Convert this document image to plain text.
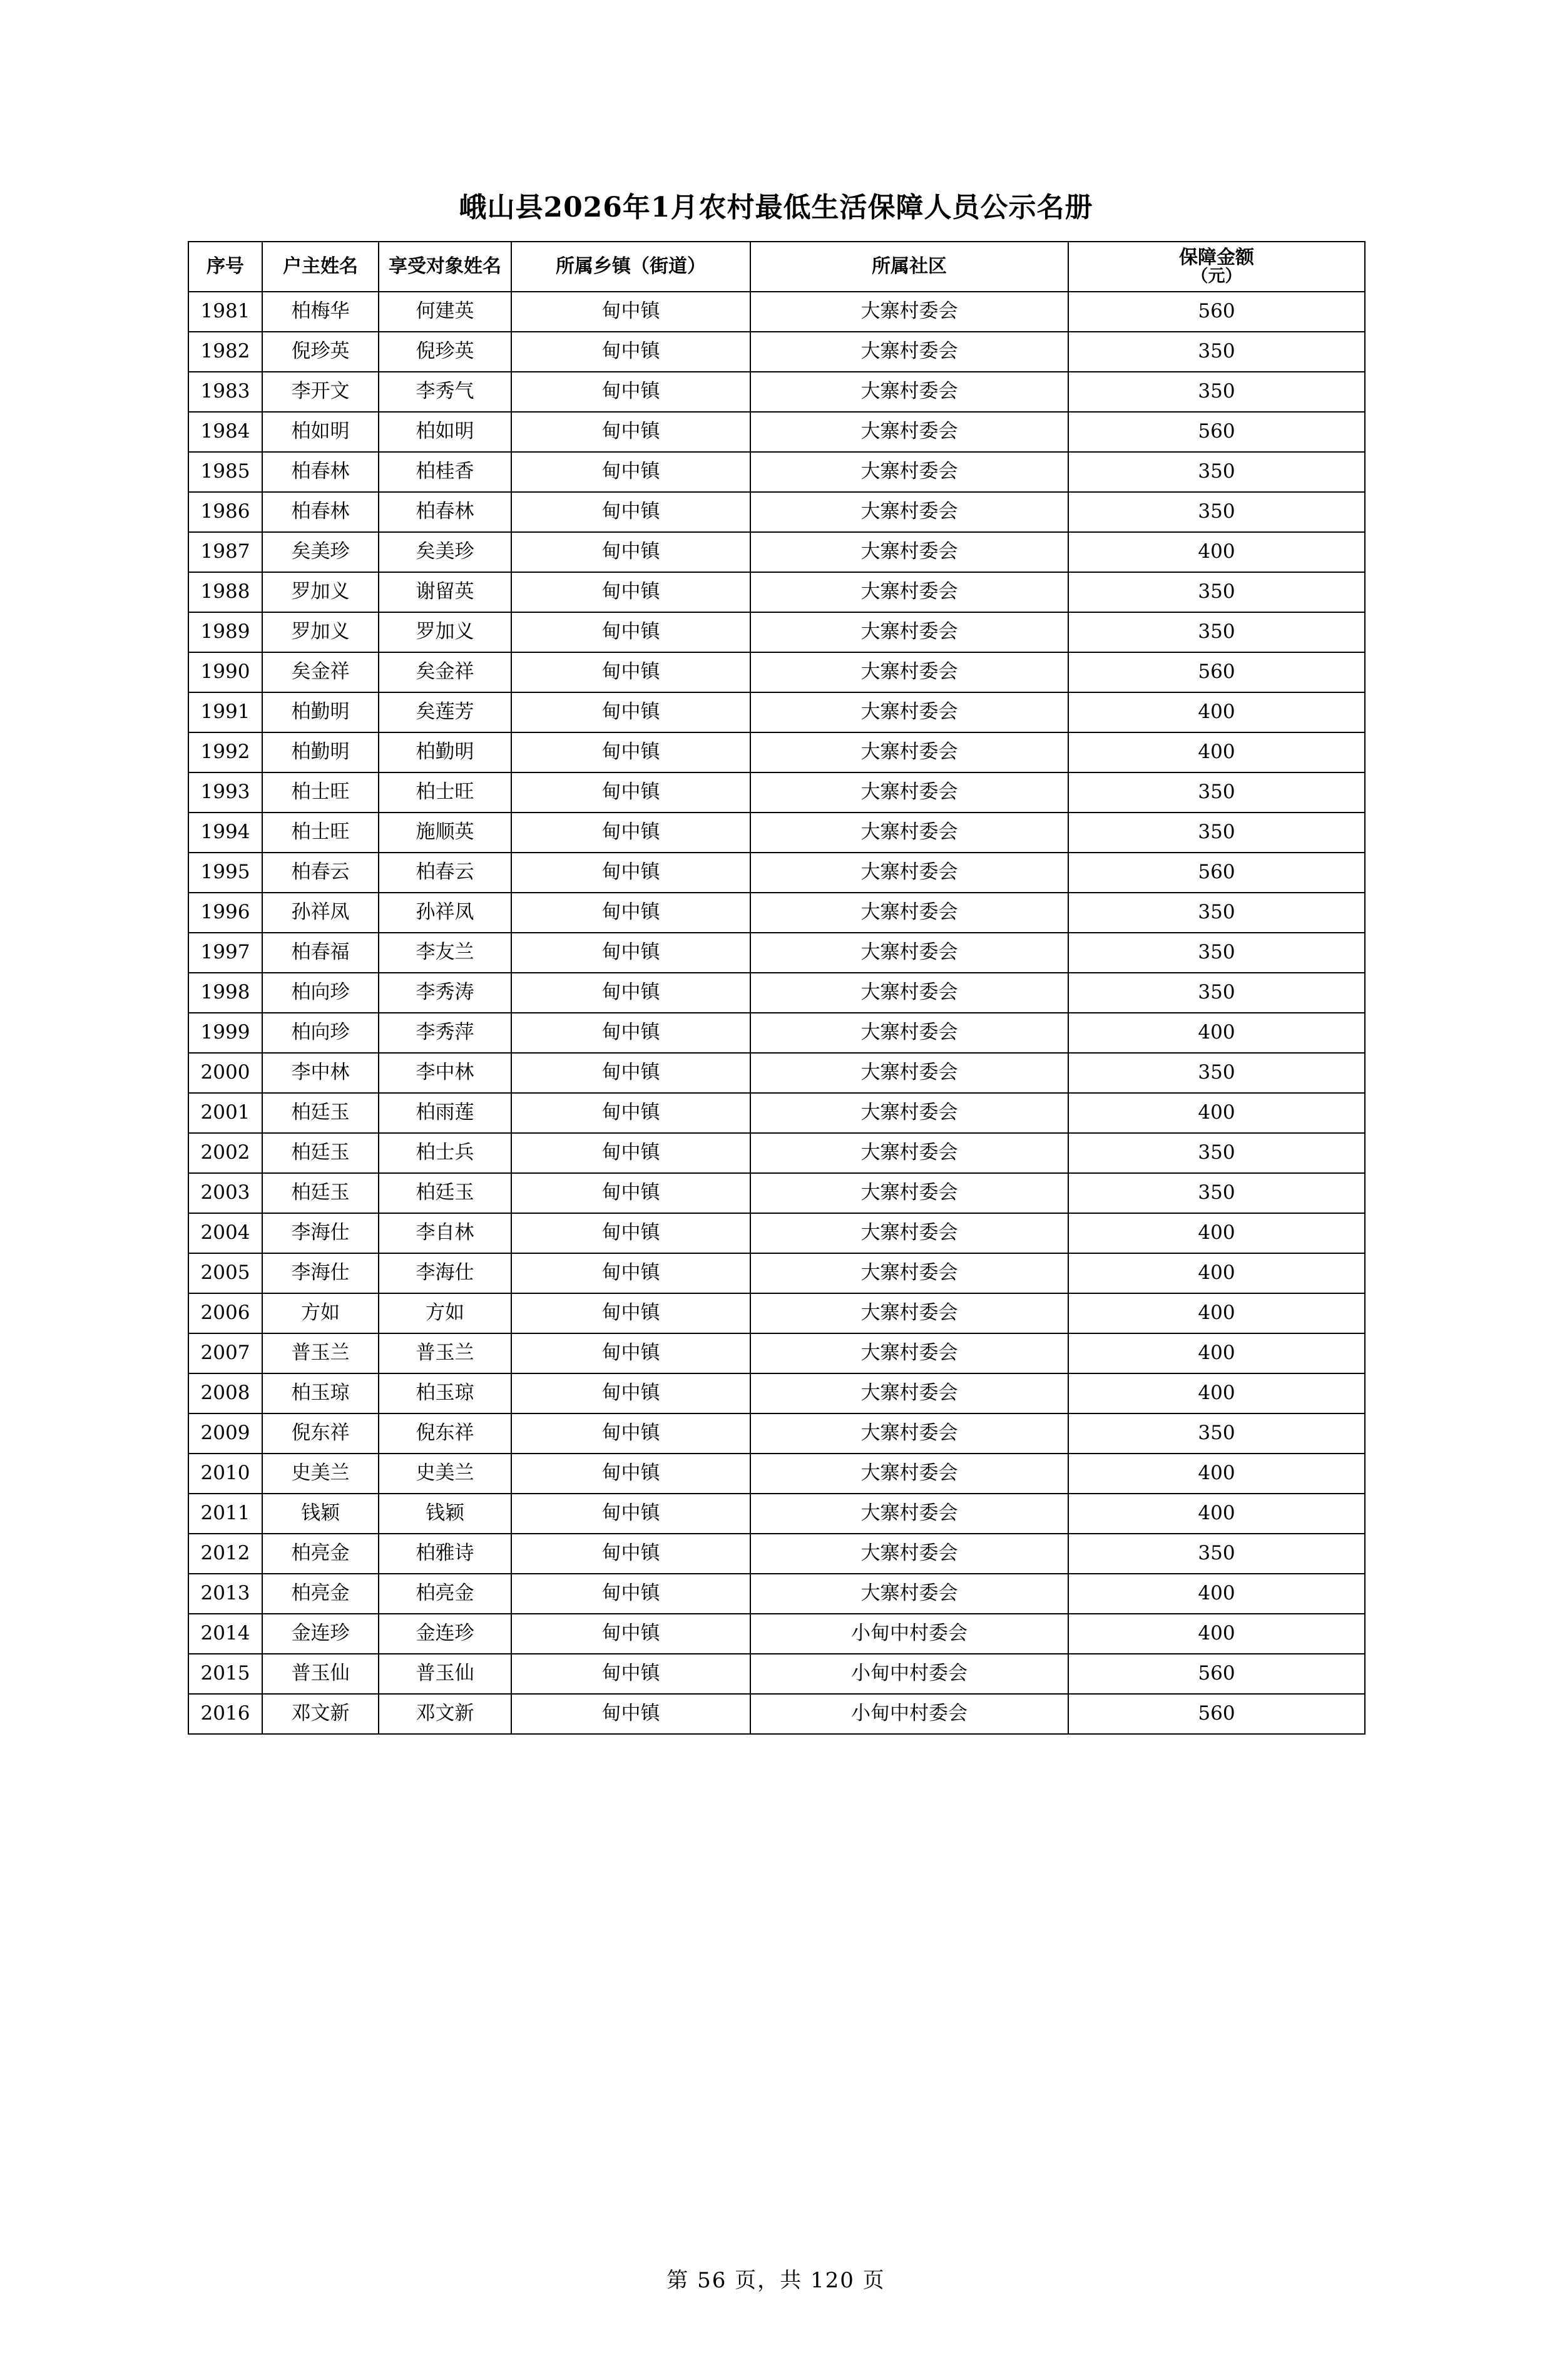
峨山县2026年1月农村最低生活保障人员公示名册
序号	户主姓名	享受对象姓名	所属乡镇（街道）	所属社区	保障金额
（元）

1981	柏梅华	何建英	甸中镇	大寨村委会	560
1982	倪珍英	倪珍英	甸中镇	大寨村委会	350
1983	李开文	李秀气	甸中镇	大寨村委会	350
1984	柏如明	柏如明	甸中镇	大寨村委会	560
1985	柏春林	柏桂香	甸中镇	大寨村委会	350
1986	柏春林	柏春林	甸中镇	大寨村委会	350
1987	矣美珍	矣美珍	甸中镇	大寨村委会	400
1988	罗加义	谢留英	甸中镇	大寨村委会	350
1989	罗加义	罗加义	甸中镇	大寨村委会	350
1990	矣金祥	矣金祥	甸中镇	大寨村委会	560
1991	柏勤明	矣莲芳	甸中镇	大寨村委会	400
1992	柏勤明	柏勤明	甸中镇	大寨村委会	400
1993	柏士旺	柏士旺	甸中镇	大寨村委会	350
1994	柏士旺	施顺英	甸中镇	大寨村委会	350
1995	柏春云	柏春云	甸中镇	大寨村委会	560
1996	孙祥凤	孙祥凤	甸中镇	大寨村委会	350
1997	柏春福	李友兰	甸中镇	大寨村委会	350
1998	柏向珍	李秀涛	甸中镇	大寨村委会	350
1999	柏向珍	李秀萍	甸中镇	大寨村委会	400
2000	李中林	李中林	甸中镇	大寨村委会	350
2001	柏廷玉	柏雨莲	甸中镇	大寨村委会	400
2002	柏廷玉	柏士兵	甸中镇	大寨村委会	350
2003	柏廷玉	柏廷玉	甸中镇	大寨村委会	350
2004	李海仕	李自林	甸中镇	大寨村委会	400
2005	李海仕	李海仕	甸中镇	大寨村委会	400
2006	方如	方如	甸中镇	大寨村委会	400
2007	普玉兰	普玉兰	甸中镇	大寨村委会	400
2008	柏玉琼	柏玉琼	甸中镇	大寨村委会	400
2009	倪东祥	倪东祥	甸中镇	大寨村委会	350
2010	史美兰	史美兰	甸中镇	大寨村委会	400
2011	钱颖	钱颖	甸中镇	大寨村委会	400
2012	柏亮金	柏雅诗	甸中镇	大寨村委会	350
2013	柏亮金	柏亮金	甸中镇	大寨村委会	400
2014	金连珍	金连珍	甸中镇	小甸中村委会	400
2015	普玉仙	普玉仙	甸中镇	小甸中村委会	560
2016	邓文新	邓文新	甸中镇	小甸中村委会	560
第 56 页，共 120 页
